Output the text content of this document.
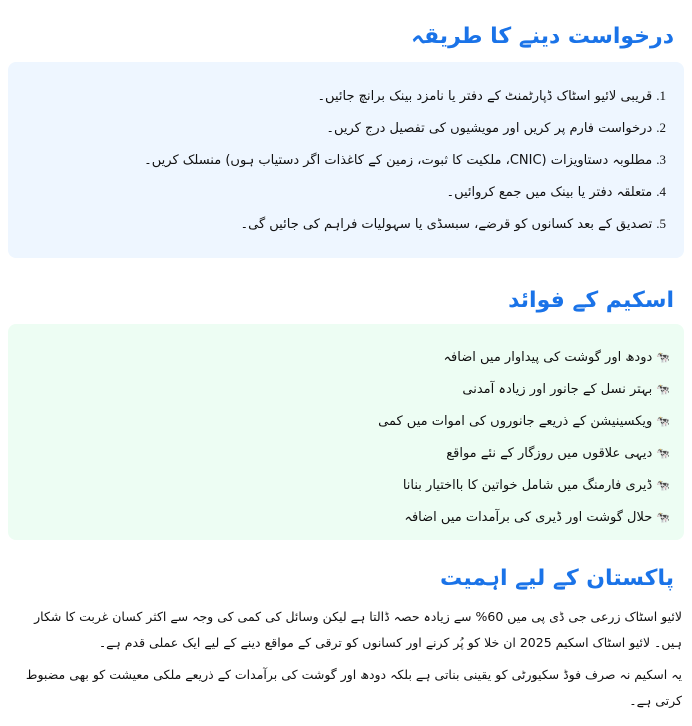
درخواست دینے کا طریقہ
1.قریبی لائیو اسٹاک ڈپارٹمنٹ کے دفتر یا نامزد بینک برانچ جائیں۔
2.درخواست فارم پر کریں اور مویشیوں کی تفصیل درج کریں۔
3.مطلوبہ دستاویزات (CNIC، ملکیت کا ثبوت، زمین کے کاغذات اگر دستیاب ہوں) منسلک کریں۔
4.متعلقہ دفتر یا بینک میں جمع کروائیں۔
5.تصدیق کے بعد کسانوں کو قرضے، سبسڈی یا سہولیات فراہم کی جائیں گی۔
اسکیم کے فوائد
🐄دودھ اور گوشت کی پیداوار میں اضافہ
🐄بہتر نسل کے جانور اور زیادہ آمدنی
🐄ویکسینیشن کے ذریعے جانوروں کی اموات میں کمی
🐄دیہی علاقوں میں روزگار کے نئے مواقع
🐄ڈیری فارمنگ میں شامل خواتین کا بااختیار بنانا
🐄حلال گوشت اور ڈیری کی برآمدات میں اضافہ
پاکستان کے لیے اہمیت

لائیو اسٹاک زرعی جی ڈی پی میں 60% سے زیادہ حصہ ڈالتا ہے لیکن وسائل کی کمی کی وجہ سے اکثر کسان غربت کا شکار ہیں۔ لائیو اسٹاک اسکیم 2025 ان خلا کو پُر کرنے اور کسانوں کو ترقی کے مواقع دینے کے لیے ایک عملی قدم ہے۔

یہ اسکیم نہ صرف فوڈ سکیورٹی کو یقینی بناتی ہے بلکہ دودھ اور گوشت کی برآمدات کے ذریعے ملکی معیشت کو بھی مضبوط کرتی ہے۔
